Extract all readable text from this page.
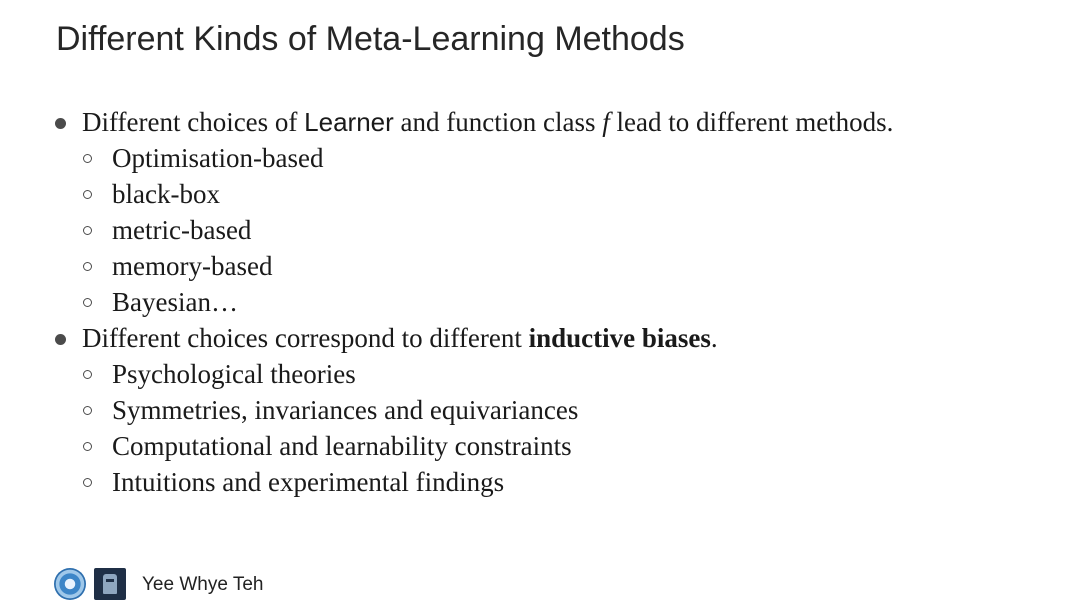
Different Kinds of Meta-Learning Methods
Different choices of Learner and function class f lead to different methods.
Optimisation-based
black-box
metric-based
memory-based
Bayesian…
Different choices correspond to different inductive biases.
Psychological theories
Symmetries, invariances and equivariances
Computational and learnability constraints
Intuitions and experimental findings
Yee Whye Teh
